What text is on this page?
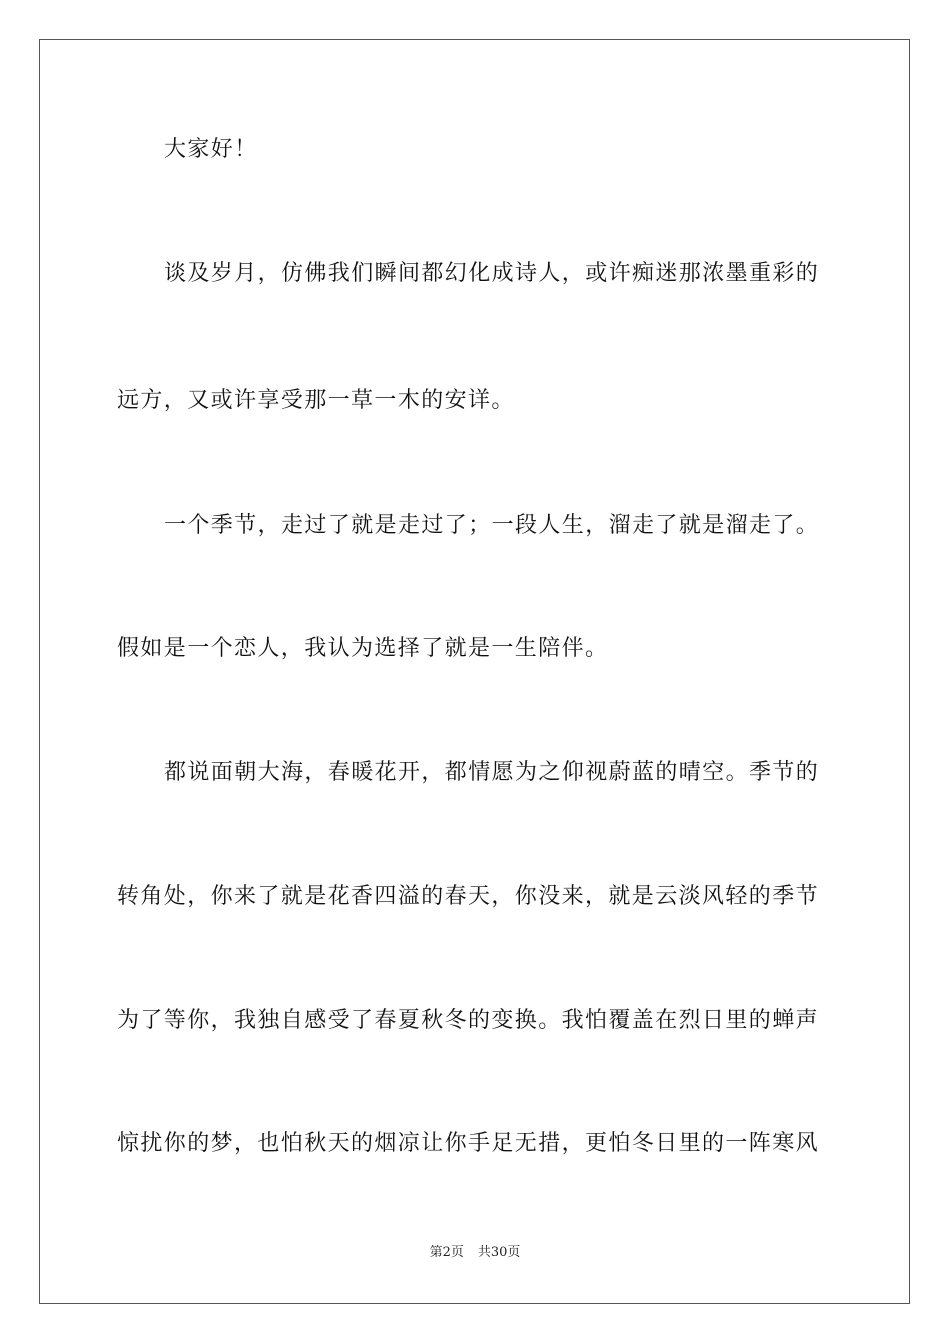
大家好！
谈及岁月，仿佛我们瞬间都幻化成诗人，或许痴迷那浓墨重彩的
远方，又或许享受那一草一木的安详。
一个季节，走过了就是走过了；一段人生，溜走了就是溜走了。
假如是一个恋人，我认为选择了就是一生陪伴。
都说面朝大海，春暖花开，都情愿为之仰视蔚蓝的晴空。季节的
转角处，你来了就是花香四溢的春天，你没来，就是云淡风轻的季节
为了等你，我独自感受了春夏秋冬的变换。我怕覆盖在烈日里的蝉声
惊扰你的梦，也怕秋天的烟凉让你手足无措，更怕冬日里的一阵寒风
第2页 共30页
